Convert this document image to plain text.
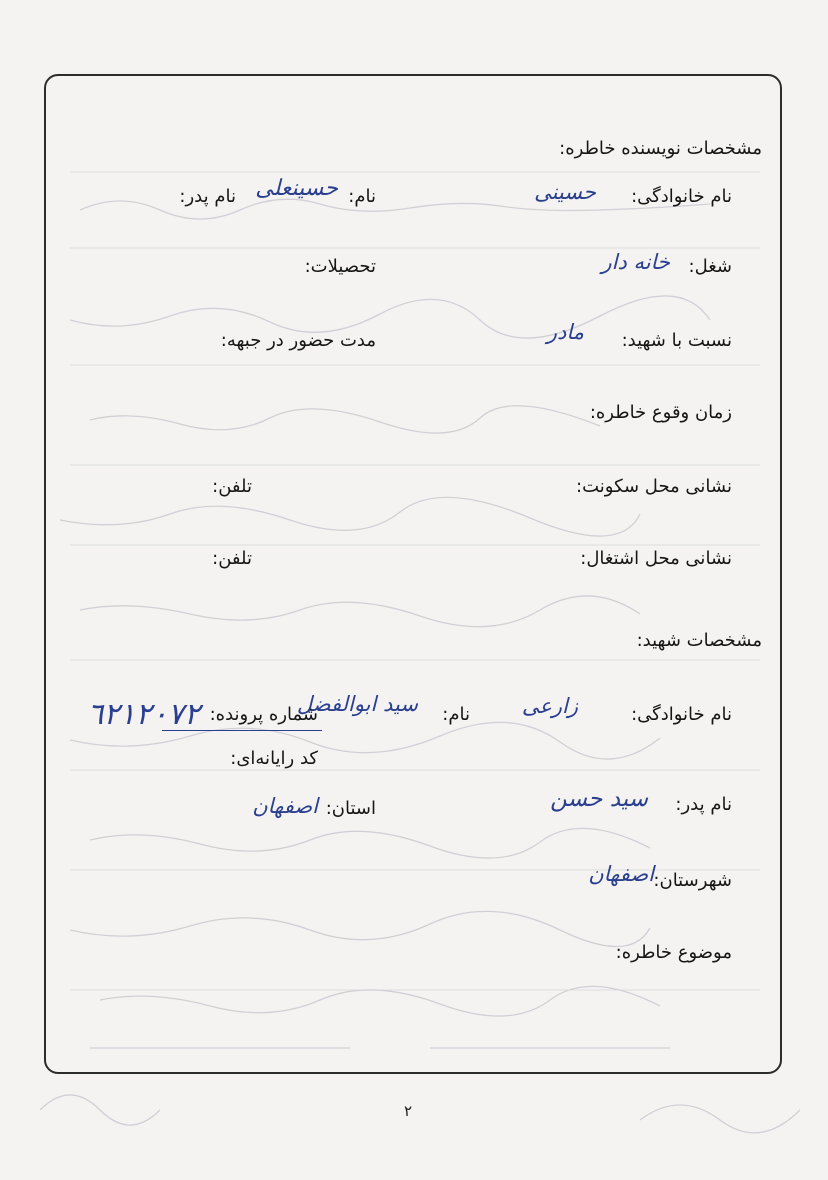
مشخصات نویسنده خاطره:
نام خانوادگی:
حسینی
نام:
حسینعلی
نام پدر:
شغل:
خانه دار
تحصیلات:
نسبت با شهید:
مادر
مدت حضور در جبهه:
زمان وقوع خاطره:
نشانی محل سکونت:
تلفن:
نشانی محل اشتغال:
تلفن:
مشخصات شهید:
نام خانوادگی:
زارعی
نام:
سید ابوالفضل
شماره پرونده:
٦٢١٢٠٧٢
کد رایانه‌ای:
نام پدر:
سید حسن
استان:
اصفهان
شهرستان:
اصفهان
موضوع خاطره:
۲
